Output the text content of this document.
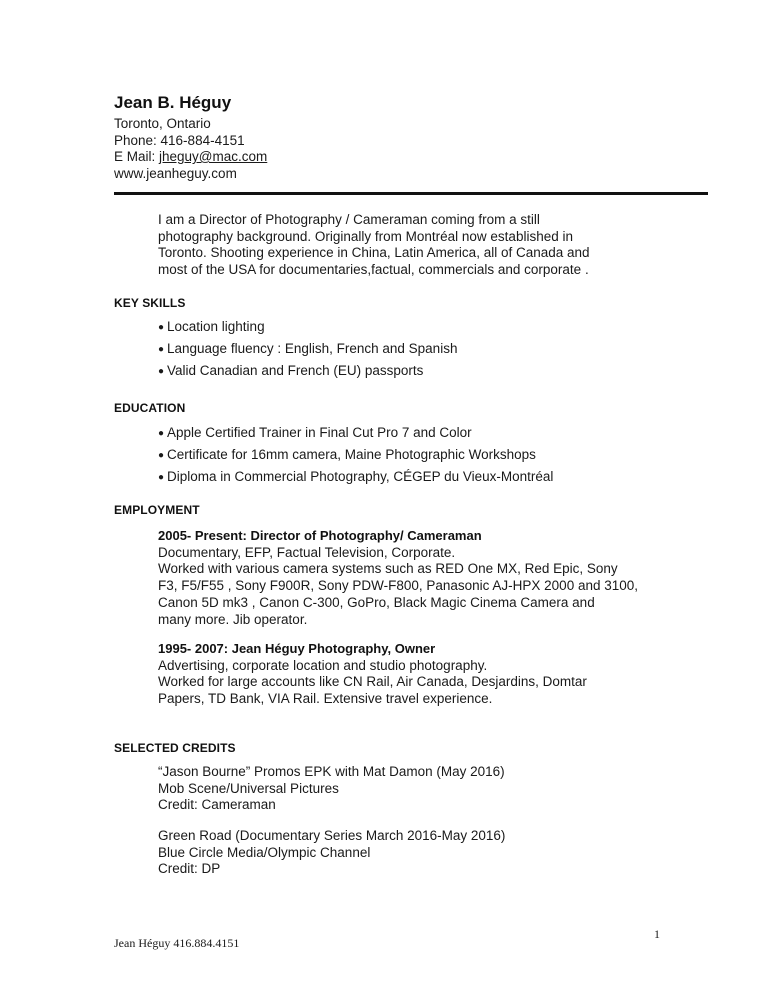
Jean B. Héguy
Toronto, Ontario
Phone: 416-884-4151
E Mail: jheguy@mac.com
www.jeanheguy.com

I am a Director of Photography / Cameraman coming from a still

photography background. Originally from Montréal now established in

Toronto. Shooting experience in China, Latin America, all of Canada and

most of the USA for documentaries,factual, commercials and corporate .

KEY SKILLS
● Location lighting
● Language fluency : English, French and Spanish
● Valid Canadian and French (EU) passports
EDUCATION
● Apple Certified Trainer in Final Cut Pro 7 and Color
● Certificate for 16mm camera, Maine Photographic Workshops
● Diploma in Commercial Photography, CÉGEP du Vieux-Montréal
EMPLOYMENT
2005- Present: Director of Photography/ Cameraman

Documentary, EFP, Factual Television, Corporate.

Worked with various camera systems such as RED One MX, Red Epic, Sony

F3, F5/F55 , Sony F900R, Sony PDW-F800, Panasonic AJ-HPX 2000 and 3100,

Canon 5D mk3 , Canon C-300, GoPro, Black Magic Cinema Camera and

many more. Jib operator.

1995- 2007: Jean Héguy Photography, Owner

Advertising, corporate location and studio photography.

Worked for large accounts like CN Rail, Air Canada, Desjardins, Domtar

Papers, TD Bank, VIA Rail. Extensive travel experience.

SELECTED CREDITS
“Jason Bourne” Promos EPK with Mat Damon (May 2016)
Mob Scene/Universal Pictures
Credit: Cameraman
Green Road (Documentary Series March 2016-May 2016)
Blue Circle Media/Olympic Channel
Credit: DP
1
Jean Héguy 416.884.4151
